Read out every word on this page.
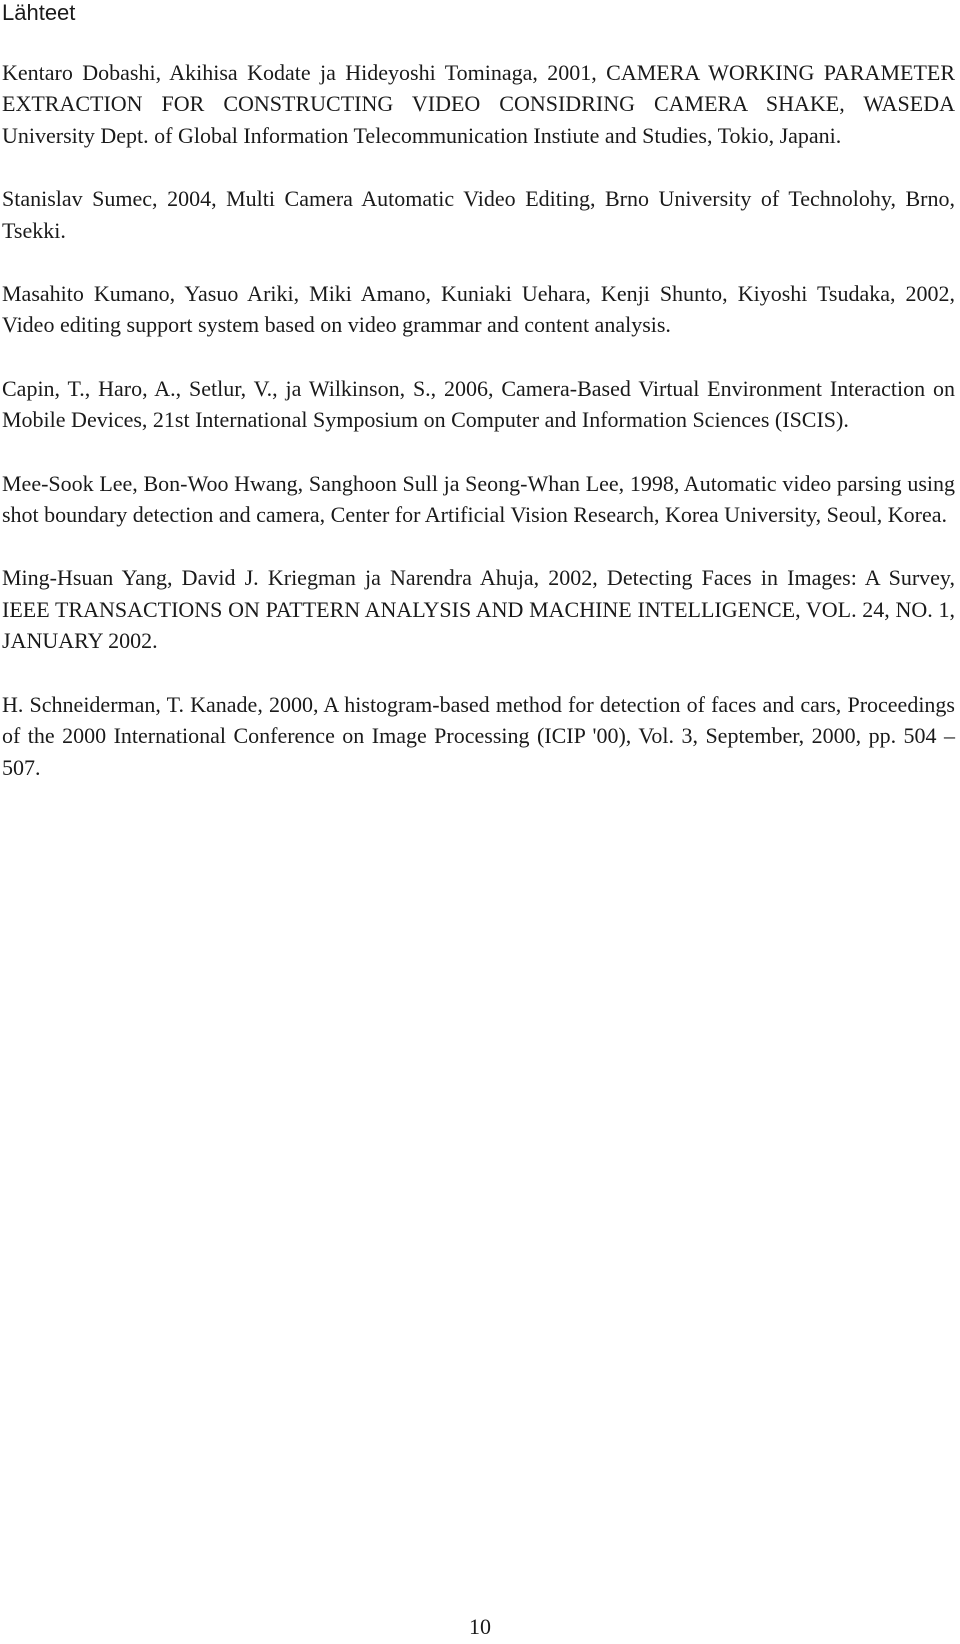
Lähteet
Kentaro Dobashi, Akihisa Kodate ja Hideyoshi Tominaga, 2001, CAMERA WORKING PARAMETER EXTRACTION FOR CONSTRUCTING VIDEO CONSIDRING CAMERA SHAKE, WASEDA University Dept. of Global Information Telecommunication Instiute and Studies, Tokio, Japani.
Stanislav Sumec, 2004, Multi Camera Automatic Video Editing, Brno University of Technolohy, Brno, Tsekki.
Masahito Kumano, Yasuo Ariki, Miki Amano, Kuniaki Uehara, Kenji Shunto, Kiyoshi Tsudaka, 2002, Video editing support system based on video grammar and content analysis.
Capin, T., Haro, A., Setlur, V., ja Wilkinson, S., 2006, Camera-Based Virtual Environment Interaction on Mobile Devices, 21st International Symposium on Computer and Information Sciences (ISCIS).
Mee-Sook Lee, Bon-Woo Hwang, Sanghoon Sull ja Seong-Whan Lee, 1998, Automatic video parsing using shot boundary detection and camera, Center for Artificial Vision Research, Korea University, Seoul, Korea.
Ming-Hsuan Yang, David J. Kriegman ja Narendra Ahuja, 2002, Detecting Faces in Images: A Survey, IEEE TRANSACTIONS ON PATTERN ANALYSIS AND MACHINE INTELLIGENCE, VOL. 24, NO. 1, JANUARY 2002.
H. Schneiderman, T. Kanade, 2000, A histogram-based method for detection of faces and cars, Proceedings of the 2000 International Conference on Image Processing (ICIP '00), Vol. 3, September, 2000, pp. 504 – 507.

10
